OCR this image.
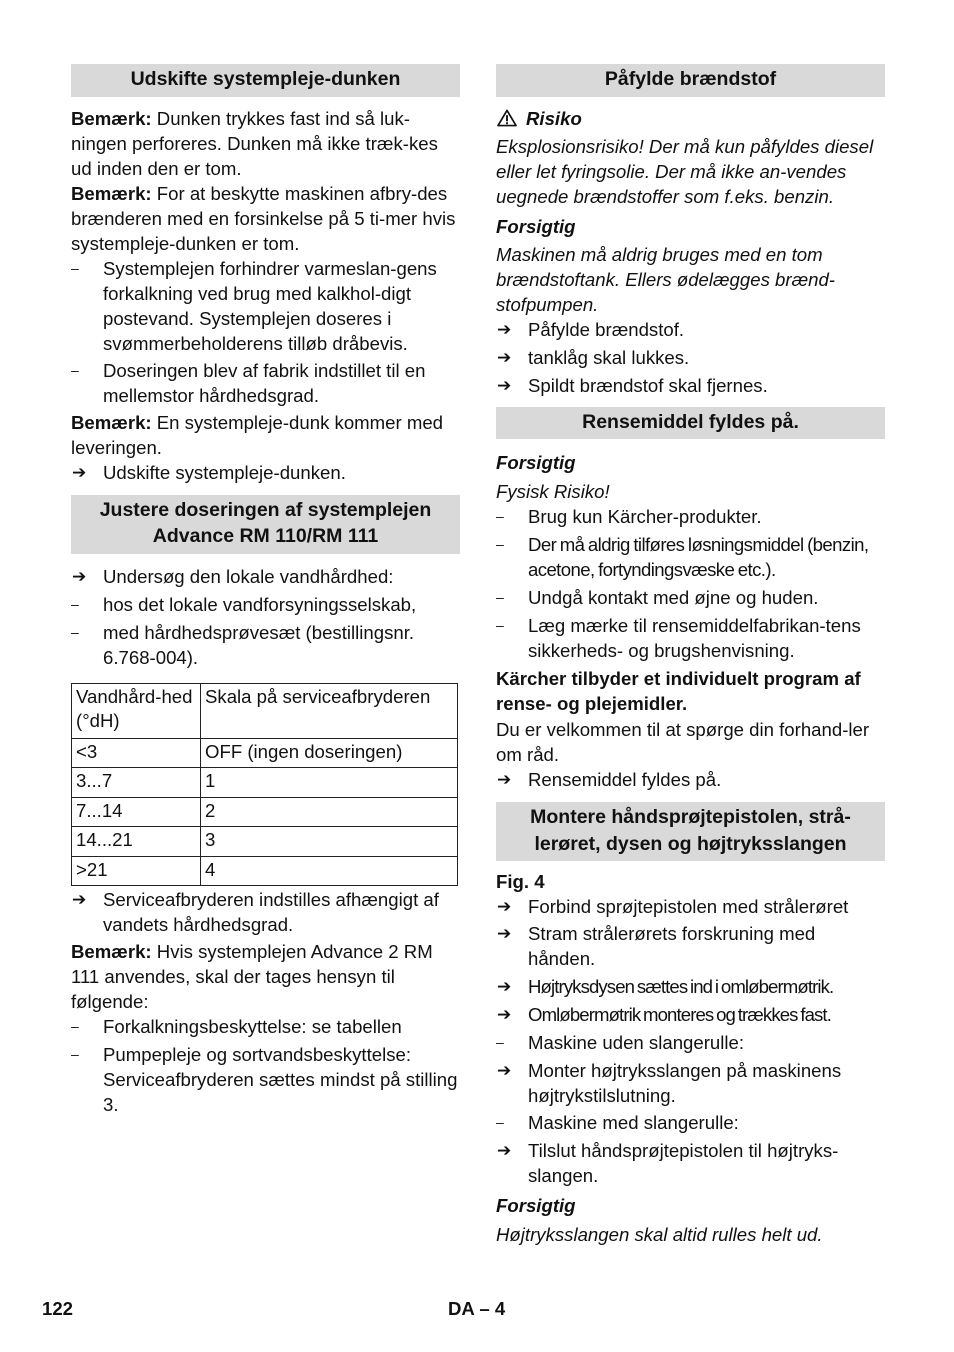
Udskifte systempleje-dunken
Bemærk: Dunken trykkes fast ind så luk-ningen perforeres. Dunken må ikke træk-kes ud inden den er tom.
Bemærk: For at beskytte maskinen afbry-des brænderen med en forsinkelse på 5 ti-mer hvis systempleje-dunken er tom.
–	Systemplejen forhindrer varmeslan-gens forkalkning ved brug med kalkhol-digt postevand. Systemplejen doseres i svømmerbeholderens tilløb dråbevis.
–	Doseringen blev af fabrik indstillet til en mellemstor hårdhedsgrad.
Bemærk: En systempleje-dunk kommer med leveringen.
➔ Udskifte systempleje-dunken.
Justere doseringen af systemplejen
Advance RM 110/RM 111
➔ Undersøg den lokale vandhårdhed:
–	hos det lokale vandforsyningsselskab,
–	med hårdhedsprøvesæt (bestillingsnr. 6.768-004).
Vandhård-hed (°dH)	Skala på serviceafbryderen
<3	OFF (ingen doseringen)
3...7	1
7...14	2
14...21	3
>21	4
➔ Serviceafbryderen indstilles afhængigt af vandets hårdhedsgrad.
Bemærk: Hvis systemplejen Advance 2 RM 111 anvendes, skal der tages hensyn til følgende:
–	Forkalkningsbeskyttelse: se tabellen
–	Pumpepleje og sortvandsbeskyttelse: Serviceafbryderen sættes mindst på stilling 3.
Påfylde brændstof
Risiko
Eksplosionsrisiko! Der må kun påfyldes diesel eller let fyringsolie. Der må ikke an-vendes uegnede brændstoffer som f.eks. benzin.
Forsigtig
Maskinen må aldrig bruges med en tom brændstoftank. Ellers ødelægges brænd-stofpumpen.
➔ Påfylde brændstof.
➔ tanklåg skal lukkes.
➔ Spildt brændstof skal fjernes.
Rensemiddel fyldes på.
Forsigtig
Fysisk Risiko!
–	Brug kun Kärcher-produkter.
–	Der må aldrig tilføres løsningsmiddel (benzin, acetone, fortyndingsvæske etc.).
–	Undgå kontakt med øjne og huden.
–	Læg mærke til rensemiddelfabrikan-tens sikkerheds- og brugshenvisning.
Kärcher tilbyder et individuelt program af rense- og plejemidler.
Du er velkommen til at spørge din forhand-ler om råd.
➔ Rensemiddel fyldes på.
Montere håndsprøjtepistolen, strå-
lerøret, dysen og højtryksslangen
Fig. 4
➔ Forbind sprøjtepistolen med strålerøret
➔ Stram strålerørets forskruning med hånden.
➔ Højtryksdysen sættes ind i omløbermøtrik.
➔ Omløbermøtrik monteres og trækkes fast.
–	Maskine uden slangerulle:
➔ Monter højtryksslangen på maskinens højtrykstilslutning.
–	Maskine med slangerulle:
➔ Tilslut håndsprøjtepistolen til højtryks-slangen.
Forsigtig
Højtryksslangen skal altid rulles helt ud.
122	DA – 4
